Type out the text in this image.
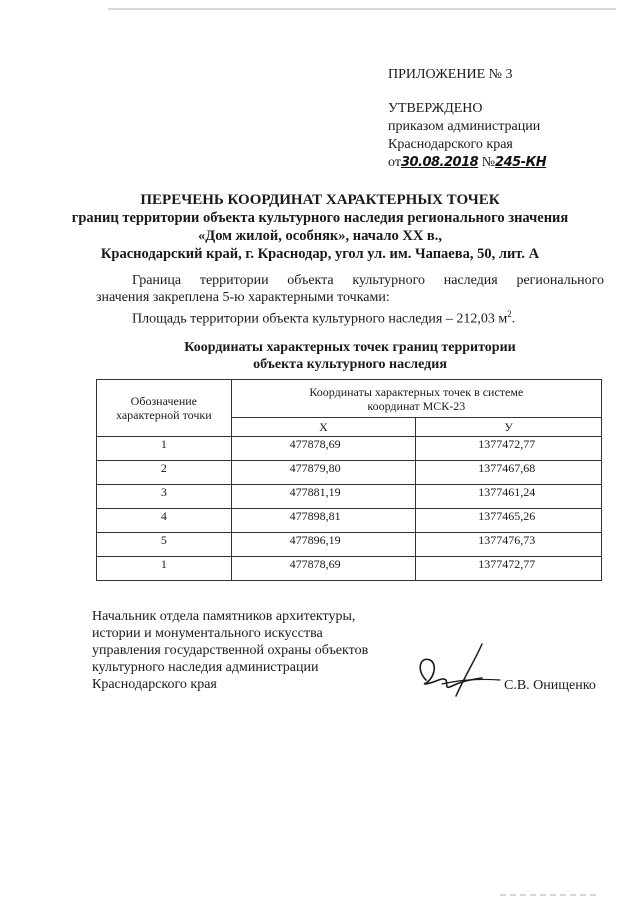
ПРИЛОЖЕНИЕ № 3
УТВЕРЖДЕНО
приказом администрации
Краснодарского края
от30.08.2018 №245-КН
ПЕРЕЧЕНЬ КООРДИНАТ ХАРАКТЕРНЫХ ТОЧЕК
границ территории объекта культурного наследия регионального значения
«Дом жилой, особняк», начало XX в.,
Краснодарский край, г. Краснодар, угол ул. им. Чапаева, 50, лит. А
Граница территории объекта культурного наследия регионального
значения закреплена 5-ю характерными точками:
Площадь территории объекта культурного наследия – 212,03 $м^2$.
Координаты характерных точек границ территории
объекта культурного наследия
Обозначение
характерной точки	Координаты характерных точек в системе
координат МСК-23	

	X	У
1	477878,69	1377472,77
2	477879,80	1377467,68
3	477881,19	1377461,24
4	477898,81	1377465,26
5	477896,19	1377476,73
1	477878,69	1377472,77
Начальник отдела памятников архитектуры,
истории и монументального искусства
управления государственной охраны объектов
культурного наследия администрации
Краснодарского края	С.В. Онищенко
